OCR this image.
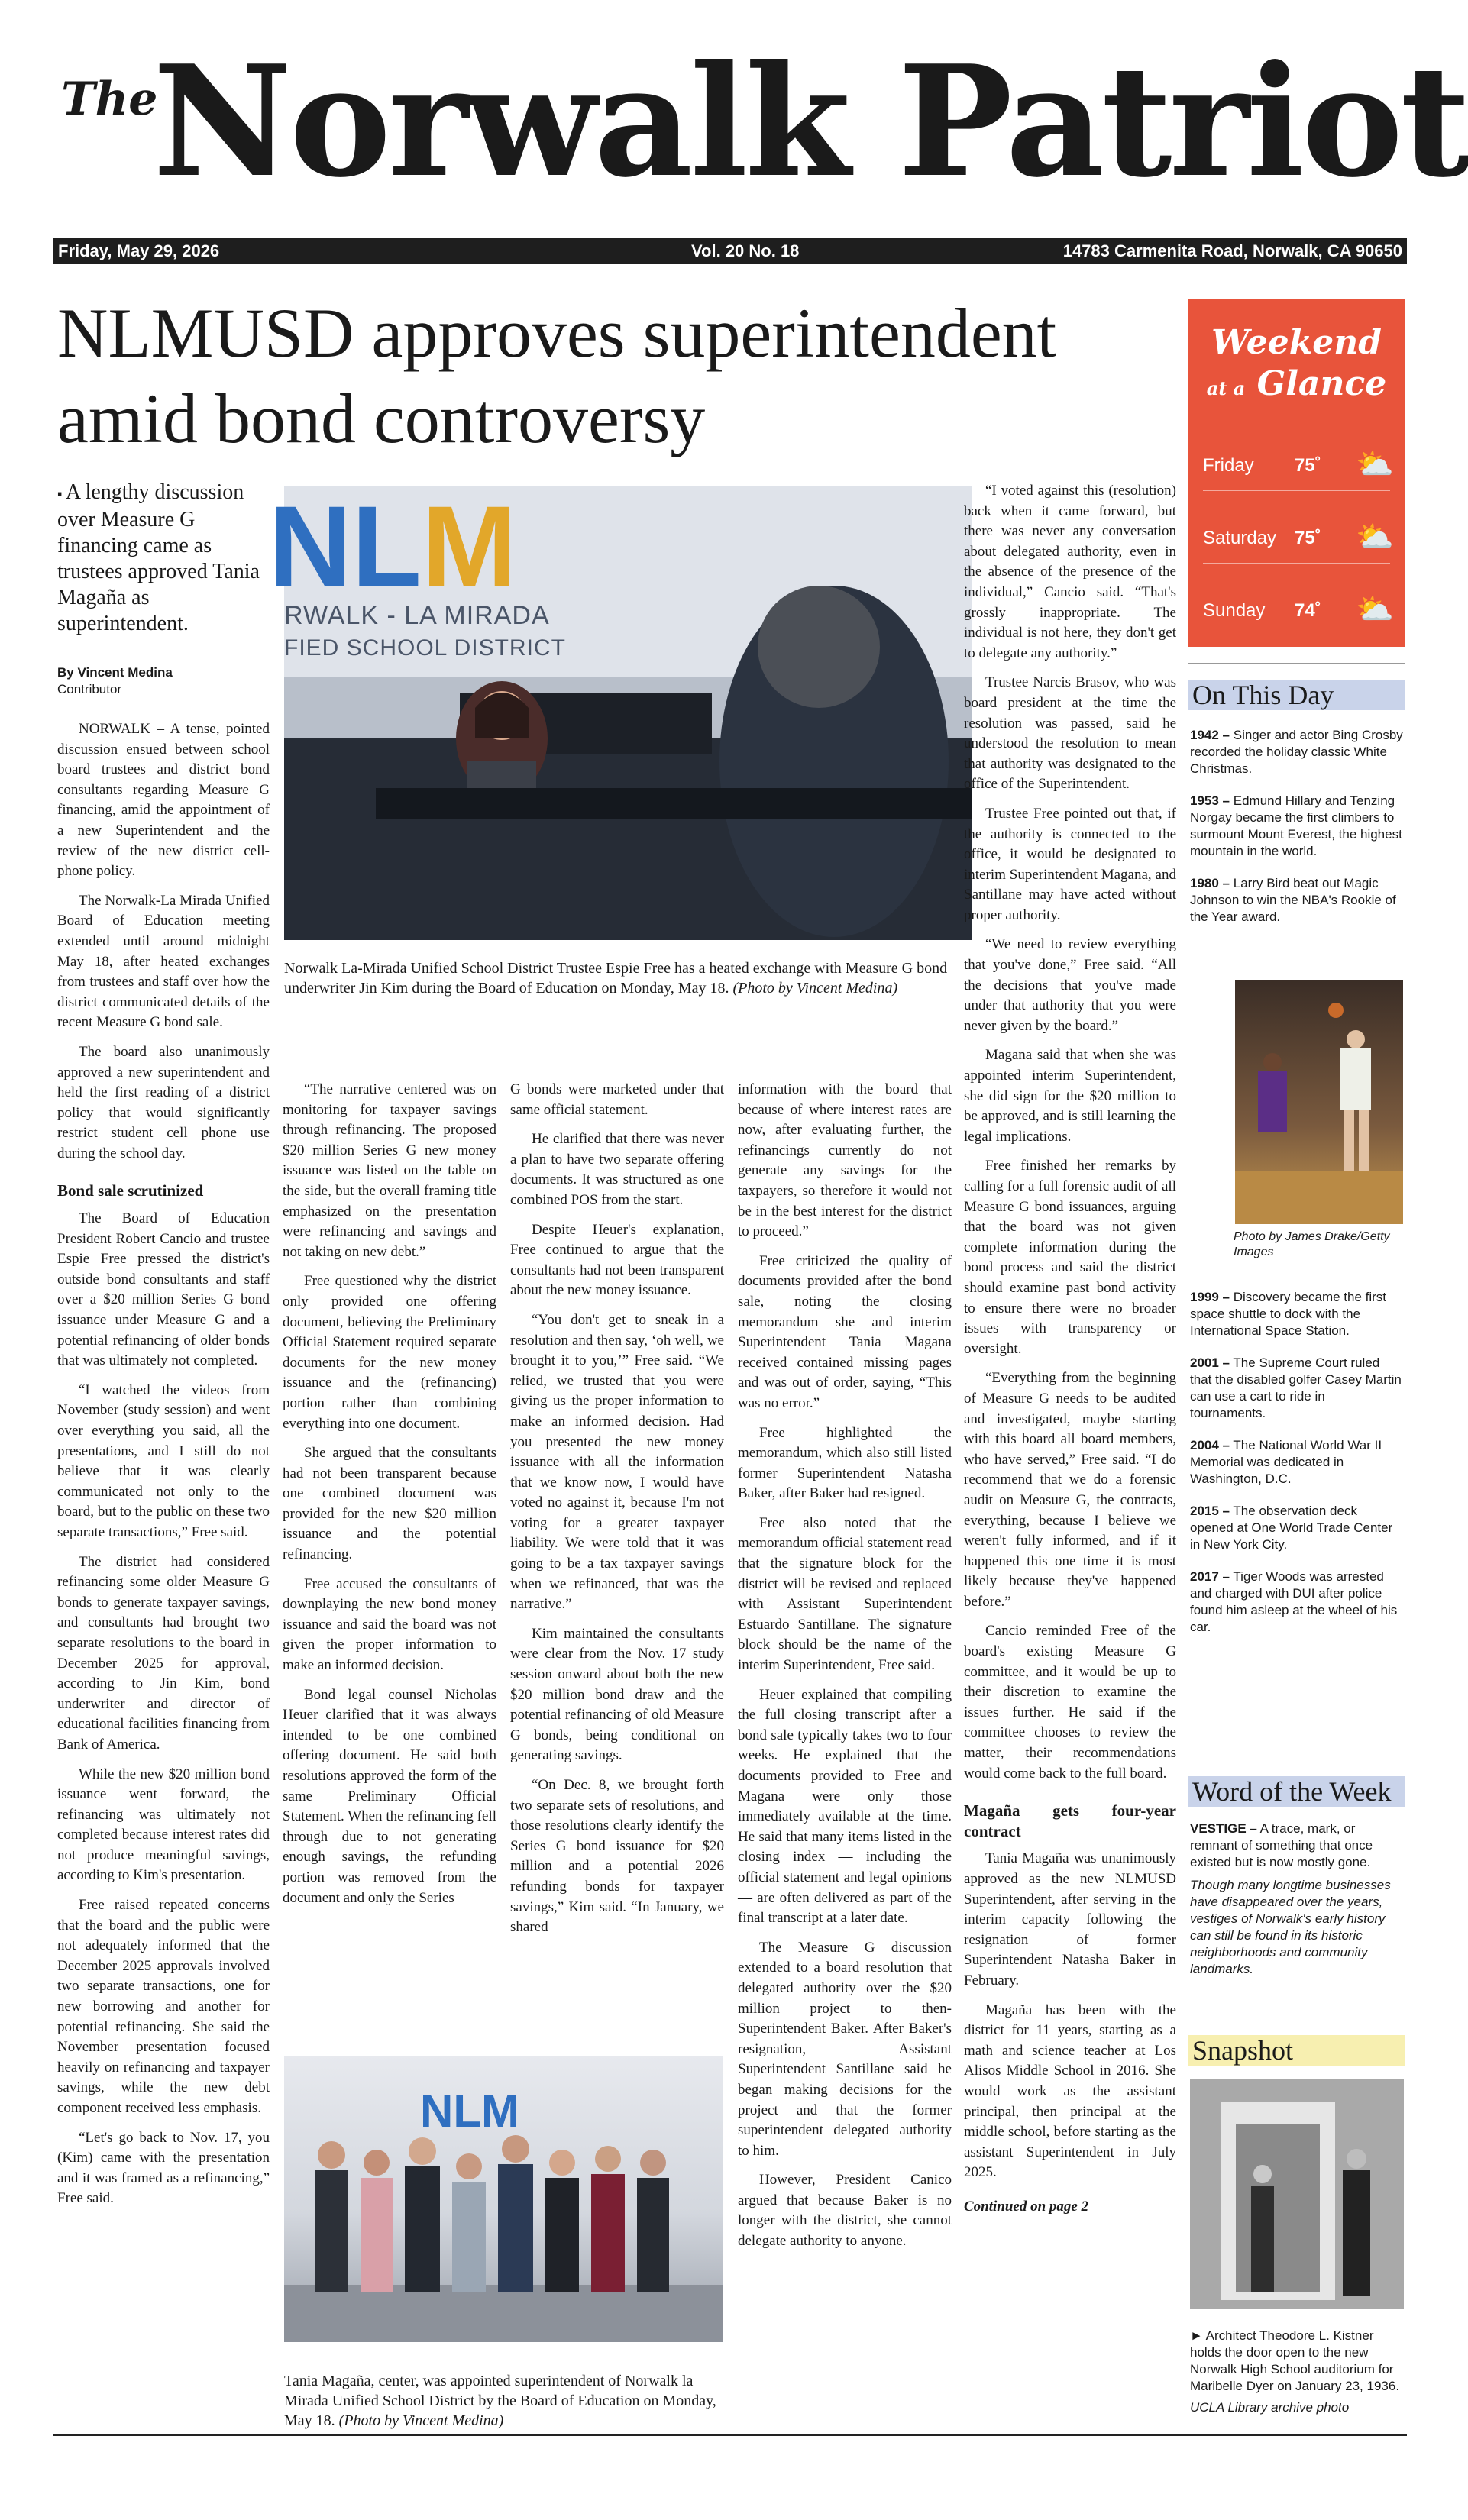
The
Norwalk Patriot
Friday, May 29, 2026	Vol. 20 No. 18	14783 Carmenita Road, Norwalk, CA 90650
NLMUSD approves superintendent amid bond controversy
▪ A lengthy discussion over Measure G financing came as trustees approved Tania Magaña as superintendent.
By Vincent Medina
Contributor

NORWALK – A tense, pointed discussion ensued between school board trustees and district bond consultants regarding Measure G financing, amid the appointment of a new Superintendent and the review of the new district cell-phone policy.

The Norwalk-La Mirada Unified Board of Education meeting extended until around midnight May 18, after heated exchanges from trustees and staff over how the district communicated details of the recent Measure G bond sale.

The board also unanimously approved a new superintendent and held the first reading of a district policy that would significantly restrict student cell phone use during the school day.

Bond sale scrutinized

The Board of Education President Robert Cancio and trustee Espie Free pressed the district's outside bond consultants and staff over a $20 million Series G bond issuance under Measure G and a potential refinancing of older bonds that was ultimately not completed.

“I watched the videos from November (study session) and went over everything you said, all the presentations, and I still do not believe that it was clearly communicated not only to the board, but to the public on these two separate transactions,” Free said.

The district had considered refinancing some older Measure G bonds to generate taxpayer savings, and consultants had brought two separate resolutions to the board in December 2025 for approval, according to Jin Kim, bond underwriter and director of educational facilities financing from Bank of America.

While the new $20 million bond issuance went forward, the refinancing was ultimately not completed because interest rates did not produce meaningful savings, according to Kim's presentation.

Free raised repeated concerns that the board and the public were not adequately informed that the December 2025 approvals involved two separate transactions, one for new borrowing and another for potential refinancing. She said the November presentation focused heavily on refinancing and taxpayer savings, while the new debt component received less emphasis.

“Let's go back to Nov. 17, you (Kim) came with the presentation and it was framed as a refinancing,” Free said.

NL M
RWALK - LA MIRADA
FIED SCHOOL DISTRICT
Norwalk La-Mirada Unified School District Trustee Espie Free has a heated exchange with Measure G bond underwriter Jin Kim during the Board of Education on Monday, May 18. (Photo by Vincent Medina)

“The narrative centered was on monitoring for taxpayer savings through refinancing. The proposed $20 million Series G new money issuance was listed on the table on the side, but the overall framing title emphasized on the presentation were refinancing and savings and not taking on new debt.”

Free questioned why the district only provided one offering document, believing the Preliminary Official Statement required separate documents for the new money issuance and the (refinancing) portion rather than combining everything into one document.

She argued that the consultants had not been transparent because one combined document was provided for the new $20 million issuance and the potential refinancing.

Free accused the consultants of downplaying the new bond money issuance and said the board was not given the proper information to make an informed decision.

Bond legal counsel Nicholas Heuer clarified that it was always intended to be one combined offering document. He said both resolutions approved the form of the same Preliminary Official Statement. When the refinancing fell through due to not generating enough savings, the refunding portion was removed from the document and only the Series

G bonds were marketed under that same official statement.

He clarified that there was never a plan to have two separate offering documents. It was structured as one combined POS from the start.

Despite Heuer's explanation, Free continued to argue that the consultants had not been transparent about the new money issuance.

“You don't get to sneak in a resolution and then say, ‘oh well, we brought it to you,’” Free said. “We relied, we trusted that you were giving us the proper information to make an informed decision. Had you presented the new money issuance with all the information that we know now, I would have voted no against it, because I'm not voting for a greater taxpayer liability. We were told that it was going to be a tax taxpayer savings when we refinanced, that was the narrative.”

Kim maintained the consultants were clear from the Nov. 17 study session onward about both the new $20 million bond draw and the potential refinancing of old Measure G bonds, being conditional on generating savings.

“On Dec. 8, we brought forth two separate sets of resolutions, and those resolutions clearly identify the Series G bond issuance for $20 million and a potential 2026 refunding bonds for taxpayer savings,” Kim said. “In January, we shared

information with the board that because of where interest rates are now, after evaluating further, the refinancings currently do not generate any savings for the taxpayers, so therefore it would not be in the best interest for the district to proceed.”

Free criticized the quality of documents provided after the bond sale, noting the closing memorandum she and interim Superintendent Tania Magana received contained missing pages and was out of order, saying, “This was no error.”

Free highlighted the memorandum, which also still listed former Superintendent Natasha Baker, after Baker had resigned.

Free also noted that the memorandum official statement read that the signature block for the district will be revised and replaced with Assistant Superintendent Estuardo Santillane. The signature block should be the name of the interim Superintendent, Free said.

Heuer explained that compiling the full closing transcript after a bond sale typically takes two to four weeks. He explained that the documents provided to Free and Magana were only those immediately available at the time. He said that many items listed in the closing index — including the official statement and legal opinions — are often delivered as part of the final transcript at a later date.

The Measure G discussion extended to a board resolution that delegated authority over the $20 million project to then-Superintendent Baker. After Baker's resignation, Assistant Superintendent Santillane said he began making decisions for the project and that the former superintendent delegated authority to him.

However, President Canico argued that because Baker is no longer with the district, she cannot delegate authority to anyone.

NLM
Tania Magaña, center, was appointed superintendent of Norwalk la Mirada Unified School District by the Board of Education on Monday, May 18. (Photo by Vincent Medina)

“I voted against this (resolution) back when it came forward, but there was never any conversation about delegated authority, even in the absence of the presence of the individual,” Cancio said. “That's grossly inappropriate. The individual is not here, they don't get to delegate any authority.”

Trustee Narcis Brasov, who was board president at the time the resolution was passed, said he understood the resolution to mean that authority was designated to the office of the Superintendent.

Trustee Free pointed out that, if the authority is connected to the office, it would be designated to interim Superintendent Magana, and Santillane may have acted without proper authority.

“We need to review everything that you've done,” Free said. “All the decisions that you've made under that authority that you were never given by the board.”

Magana said that when she was appointed interim Superintendent, she did sign for the $20 million to be approved, and is still learning the legal implications.

Free finished her remarks by calling for a full forensic audit of all Measure G bond issuances, arguing that the board was not given complete information during the bond process and said the district should examine past bond activity to ensure there were no broader issues with transparency or oversight.

“Everything from the beginning of Measure G needs to be audited and investigated, maybe starting with this board all board members, who have served,” Free said. “I do recommend that we do a forensic audit on Measure G, the contracts, everything, because I believe we weren't fully informed, and if it happened this one time it is most likely because they've happened before.”

Cancio reminded Free of the board's existing Measure G committee, and it would be up to their discretion to examine the issues further. He said if the committee chooses to review the matter, their recommendations would come back to the full board.

Magaña gets four-year contract

Tania Magaña was unanimously approved as the new NLMUSD Superintendent, after serving in the interim capacity following the resignation of former Superintendent Natasha Baker in February.

Magaña has been with the district for 11 years, starting as a math and science teacher at Los Alisos Middle School in 2016. She would work as the assistant principal, then principal at the middle school, before starting as the assistant Superintendent in July 2025.

Continued on page 2
Weekend
at a Glance
Friday 75˚ ⛅
Saturday 75˚ ⛅
Sunday 74˚ ⛅
On This Day

1942 – Singer and actor Bing Crosby recorded the holiday classic White Christmas.

1953 – Edmund Hillary and Tenzing Norgay became the first climbers to surmount Mount Everest, the highest mountain in the world.

1980 – Larry Bird beat out Magic Johnson to win the NBA's Rookie of the Year award.

Photo by James Drake/Getty Images

1999 – Discovery became the first space shuttle to dock with the International Space Station.

2001 – The Supreme Court ruled that the disabled golfer Casey Martin can use a cart to ride in tournaments.

2004 – The National World War II Memorial was dedicated in Washington, D.C.

2015 – The observation deck opened at One World Trade Center in New York City.

2017 – Tiger Woods was arrested and charged with DUI after police found him asleep at the wheel of his car.

Word of the Week

VESTIGE – A trace, mark, or remnant of something that once existed but is now mostly gone.

Though many longtime businesses have disappeared over the years, vestiges of Norwalk's early history can still be found in its historic neighborhoods and community landmarks.

Snapshot
► Architect Theodore L. Kistner holds the door open to the new Norwalk High School auditorium for Maribelle Dyer on January 23, 1936.
UCLA Library archive photo
